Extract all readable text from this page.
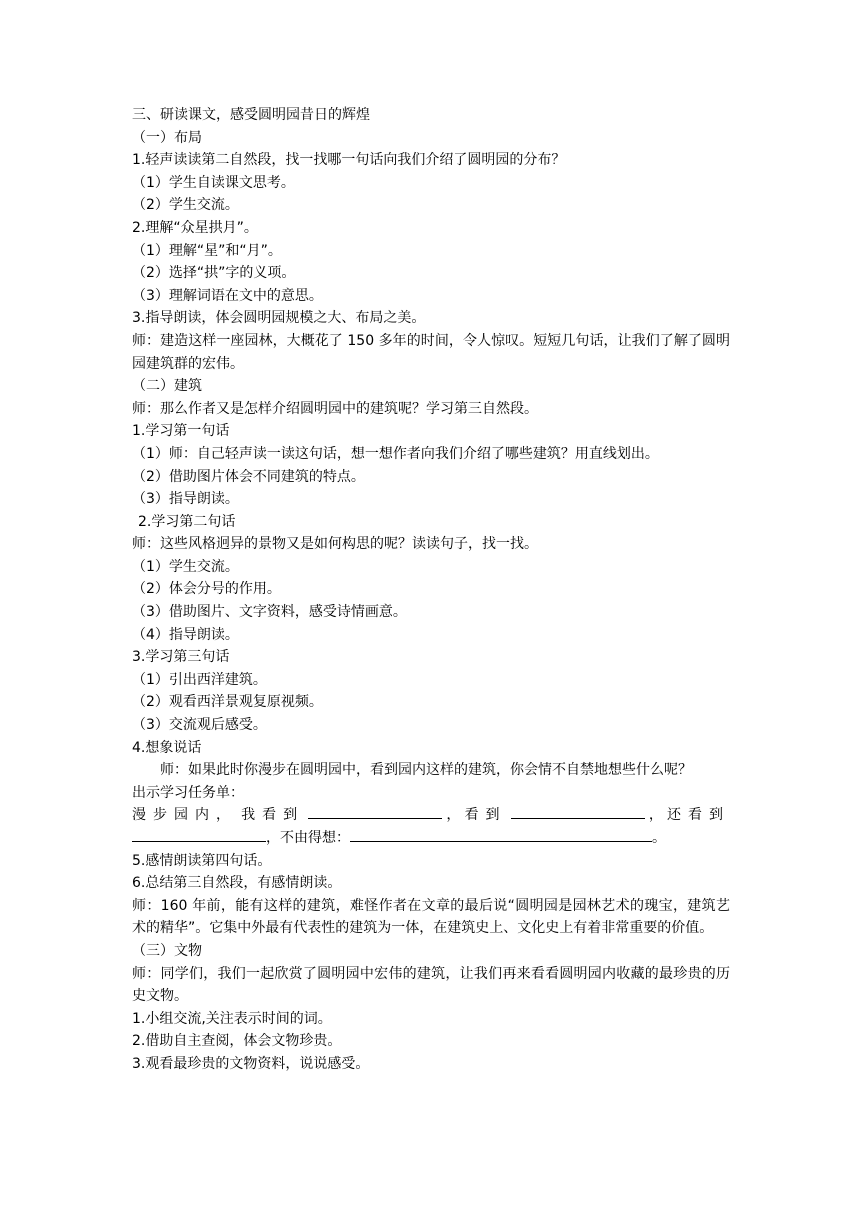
三、研读课文，感受圆明园昔日的辉煌
（一）布局
1.轻声读读第二自然段，找一找哪一句话向我们介绍了圆明园的分布？
（1）学生自读课文思考。
（2）学生交流。
2.理解“众星拱月”。
（1）理解“星”和“月”。
（2）选择“拱”字的义项。
（3）理解词语在文中的意思。
3.指导朗读，体会圆明园规模之大、布局之美。
师：建造这样一座园林，大概花了 150 多年的时间，令人惊叹。短短几句话，让我们了解了圆明园建筑群的宏伟。
（二）建筑
师：那么作者又是怎样介绍圆明园中的建筑呢？学习第三自然段。
1.学习第一句话
（1）师：自己轻声读一读这句话，想一想作者向我们介绍了哪些建筑？用直线划出。
（2）借助图片体会不同建筑的特点。
（3）指导朗读。
2.学习第二句话
师：这些风格迥异的景物又是如何构思的呢？读读句子，找一找。
（1）学生交流。
（2）体会分号的作用。
（3）借助图片、文字资料，感受诗情画意。
（4）指导朗读。
3.学习第三句话
（1）引出西洋建筑。
（2）观看西洋景观复原视频。
（3）交流观后感受。
4.想象说话
师：如果此时你漫步在圆明园中，看到园内这样的建筑，你会情不自禁地想些什么呢？
出示学习任务单：
漫步园内， 我看到	， 看到	， 还看到
，不由得想：	。
5.感情朗读第四句话。
6.总结第三自然段，有感情朗读。
师：160 年前，能有这样的建筑，难怪作者在文章的最后说“圆明园是园林艺术的瑰宝，建筑艺术的精华”。它集中外最有代表性的建筑为一体，在建筑史上、文化史上有着非常重要的价值。
（三）文物
师：同学们，我们一起欣赏了圆明园中宏伟的建筑，让我们再来看看圆明园内收藏的最珍贵的历史文物。
1.小组交流,关注表示时间的词。
2.借助自主查阅，体会文物珍贵。
3.观看最珍贵的文物资料，说说感受。
